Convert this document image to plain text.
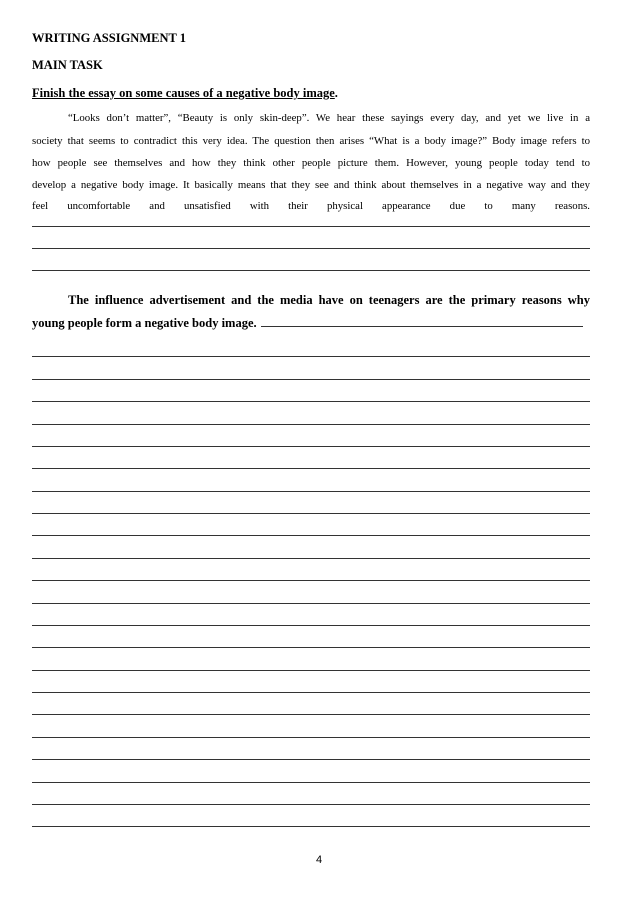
WRITING ASSIGNMENT 1
MAIN TASK
Finish the essay on some causes of a negative body image.
“Looks don’t matter”, “Beauty is only skin-deep”. We hear these sayings every day, and yet we live in a
society that seems to contradict this very idea. The question then arises “What is a body image?” Body image refers to
how people see themselves and how they think other people picture them. However, young people today tend to
develop a negative body image. It basically means that they see and think about themselves in a negative way and they
feel uncomfortable and unsatisfied with their physical appearance due to many reasons.
The influence advertisement and the media have on teenagers are the primary reasons why
young people form a negative body image.
4
